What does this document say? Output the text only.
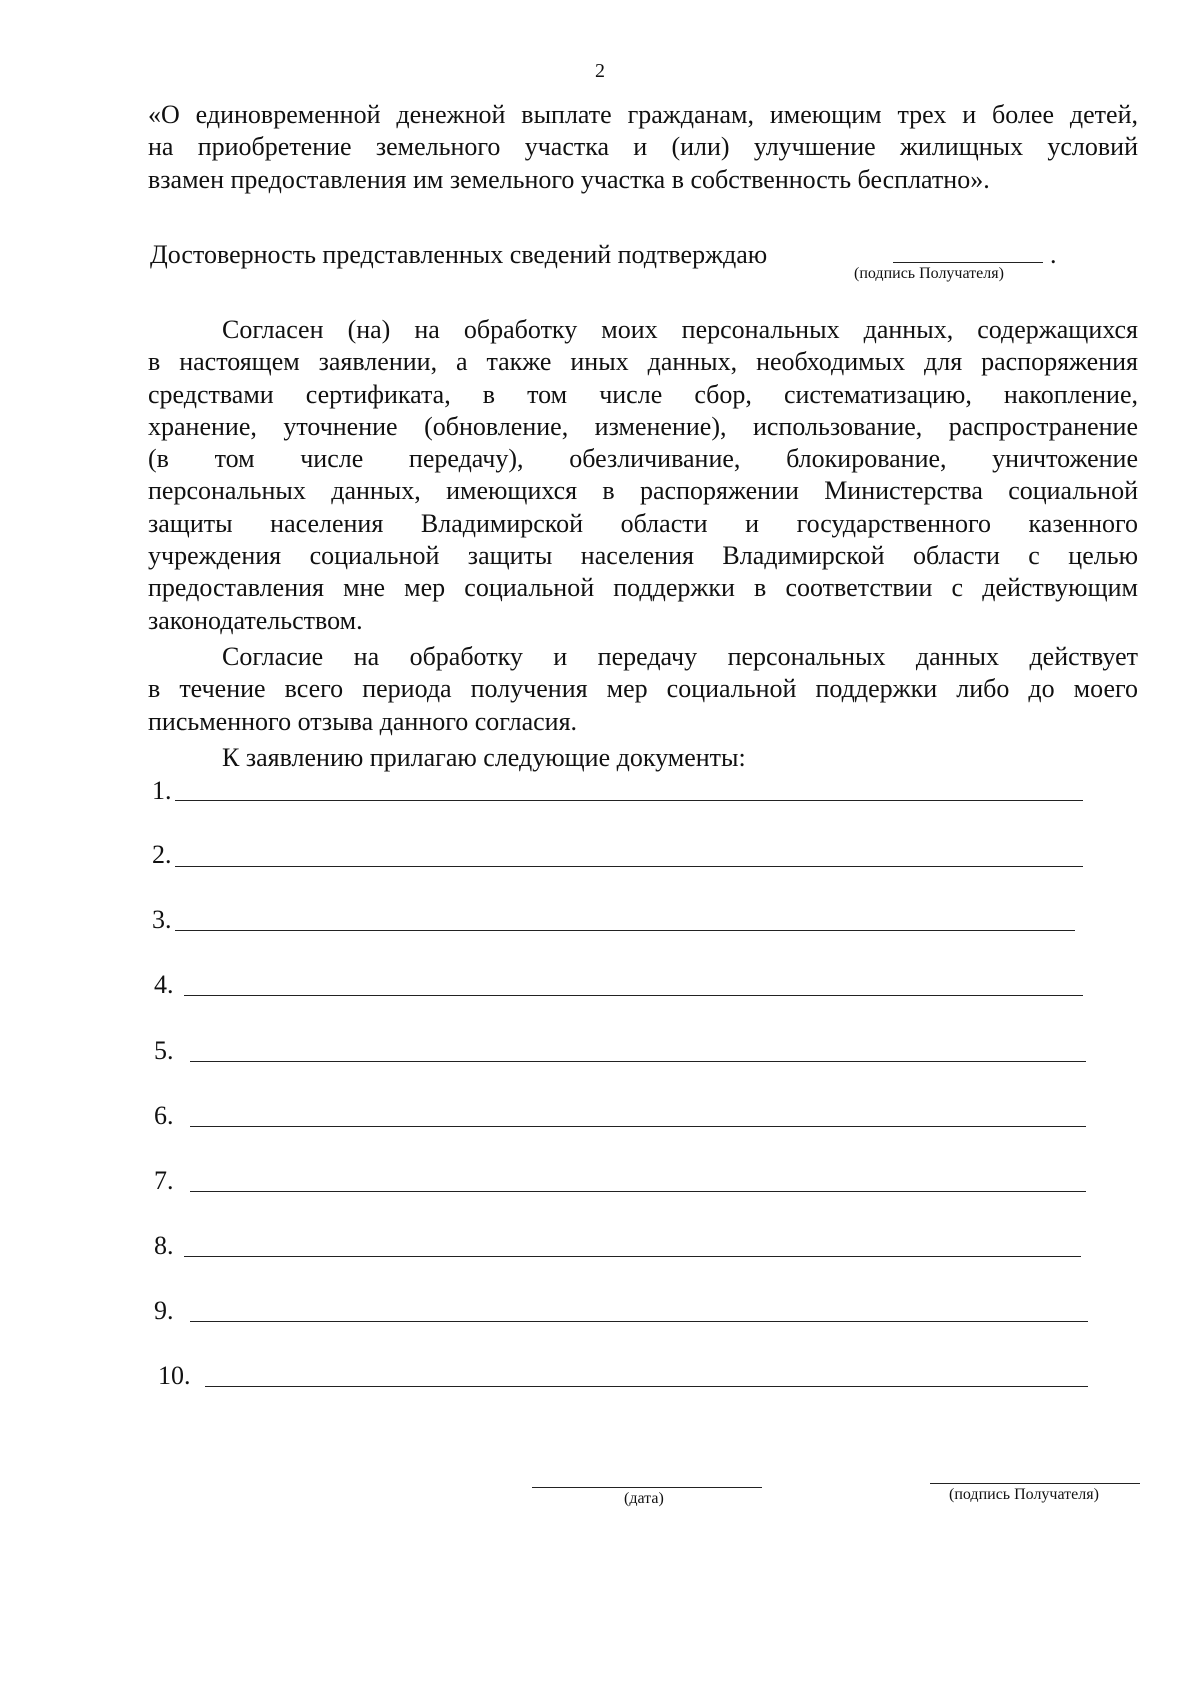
2
«О единовременной денежной выплате гражданам, имеющим трех и более детей,
на приобретение земельного участка и (или) улучшение жилищных условий
взамен предоставления им земельного участка в собственность бесплатно».
Достоверность представленных сведений подтверждаю	.
(подпись Получателя)
Согласен (на) на обработку моих персональных данных, содержащихся
в настоящем заявлении, а также иных данных, необходимых для распоряжения
средствами сертификата, в том числе сбор, систематизацию, накопление,
хранение, уточнение (обновление, изменение), использование, распространение
(в том числе передачу), обезличивание, блокирование, уничтожение
персональных данных, имеющихся в распоряжении Министерства социальной
защиты населения Владимирской области и государственного казенного
учреждения социальной защиты населения Владимирской области с целью
предоставления мне мер социальной поддержки в соответствии с действующим
законодательством.
Согласие на обработку и передачу персональных данных действует
в течение всего периода получения мер социальной поддержки либо до моего
письменного отзыва данного согласия.
К заявлению прилагаю следующие документы:
1.
2.
3.
4.
5.
6.
7.
8.
9.
10.
(дата)	(подпись Получателя)
